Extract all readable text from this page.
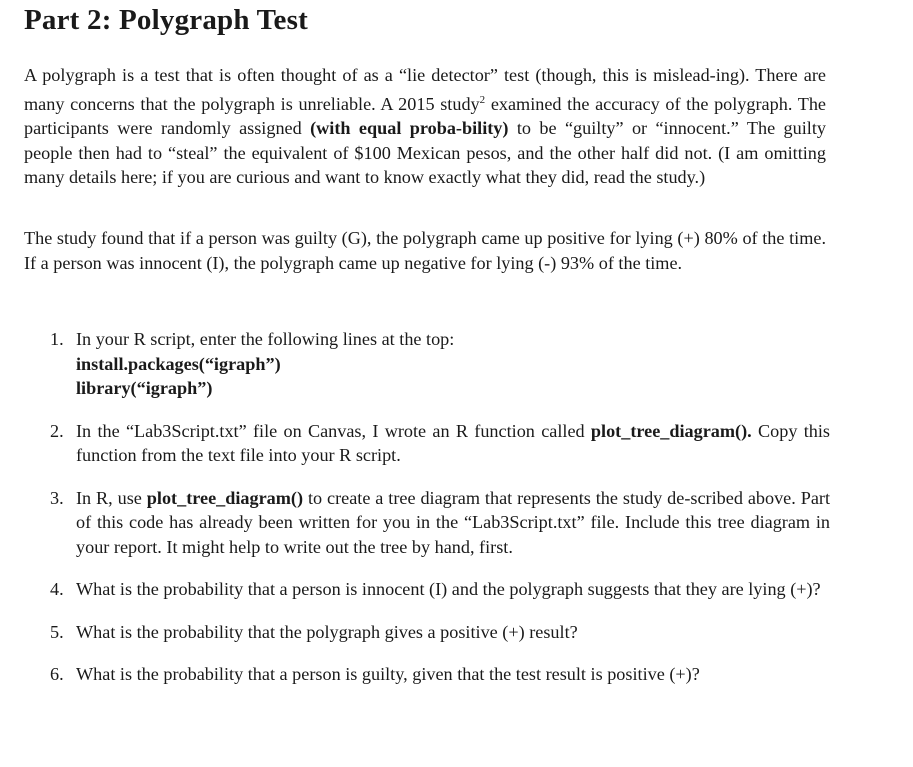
Part 2: Polygraph Test
A polygraph is a test that is often thought of as a “lie detector” test (though, this is mislead-ing). There are many concerns that the polygraph is unreliable. A 2015 study$^2$ examined the accuracy of the polygraph. The participants were randomly assigned (with equal proba-bility) to be “guilty” or “innocent.” The guilty people then had to “steal” the equivalent of $100 Mexican pesos, and the other half did not. (I am omitting many details here; if you are curious and want to know exactly what they did, read the study.)
The study found that if a person was guilty (G), the polygraph came up positive for lying (+) 80% of the time. If a person was innocent (I), the polygraph came up negative for lying (-) 93% of the time.
1. In your R script, enter the following lines at the top:
install.packages(“igraph”)
library(“igraph”)
2. In the “Lab3Script.txt” file on Canvas, I wrote an R function called plot_tree_diagram(). Copy this function from the text file into your R script.
3. In R, use plot_tree_diagram() to create a tree diagram that represents the study de-scribed above. Part of this code has already been written for you in the “Lab3Script.txt” file. Include this tree diagram in your report. It might help to write out the tree by hand, first.
4. What is the probability that a person is innocent (I) and the polygraph suggests that they are lying (+)?
5. What is the probability that the polygraph gives a positive (+) result?
6. What is the probability that a person is guilty, given that the test result is positive (+)?
